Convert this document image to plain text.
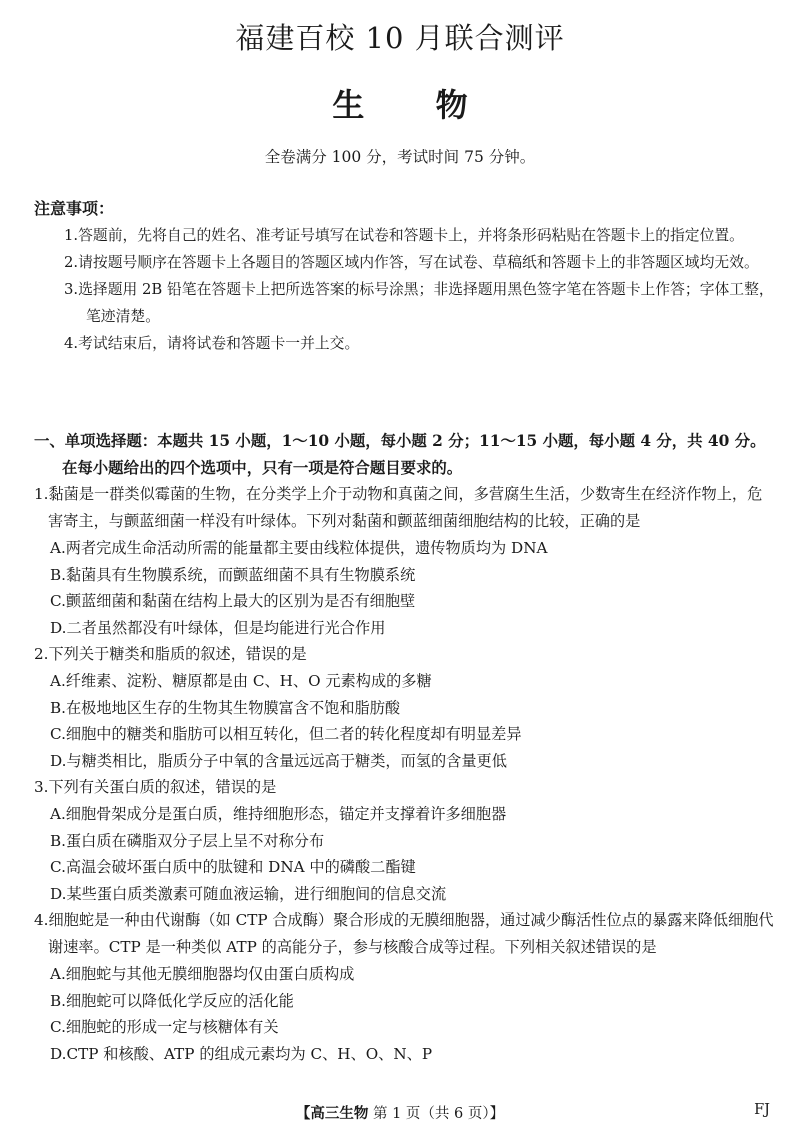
福建百校 10 月联合测评
生 物
全卷满分 100 分，考试时间 75 分钟。
注意事项：
1.答题前，先将自己的姓名、准考证号填写在试卷和答题卡上，并将条形码粘贴在答题卡上的指定位置。
2.请按题号顺序在答题卡上各题目的答题区域内作答，写在试卷、草稿纸和答题卡上的非答题区域均无效。
3.选择题用 2B 铅笔在答题卡上把所选答案的标号涂黑；非选择题用黑色签字笔在答题卡上作答；字体工整，笔迹清楚。
4.考试结束后，请将试卷和答题卡一并上交。
一、单项选择题：本题共 15 小题，1～10 小题，每小题 2 分；11～15 小题，每小题 4 分，共 40 分。
在每小题给出的四个选项中，只有一项是符合题目要求的。
1.黏菌是一群类似霉菌的生物，在分类学上介于动物和真菌之间，多营腐生生活，少数寄生在经济作物上，危害寄主，与颤蓝细菌一样没有叶绿体。下列对黏菌和颤蓝细菌细胞结构的比较，正确的是
A.两者完成生命活动所需的能量都主要由线粒体提供，遗传物质均为 DNA
B.黏菌具有生物膜系统，而颤蓝细菌不具有生物膜系统
C.颤蓝细菌和黏菌在结构上最大的区别为是否有细胞壁
D.二者虽然都没有叶绿体，但是均能进行光合作用
2.下列关于糖类和脂质的叙述，错误的是
A.纤维素、淀粉、糖原都是由 C、H、O 元素构成的多糖
B.在极地地区生存的生物其生物膜富含不饱和脂肪酸
C.细胞中的糖类和脂肪可以相互转化，但二者的转化程度却有明显差异
D.与糖类相比，脂质分子中氧的含量远远高于糖类，而氢的含量更低
3.下列有关蛋白质的叙述，错误的是
A.细胞骨架成分是蛋白质，维持细胞形态，锚定并支撑着许多细胞器
B.蛋白质在磷脂双分子层上呈不对称分布
C.高温会破坏蛋白质中的肽键和 DNA 中的磷酸二酯键
D.某些蛋白质类激素可随血液运输，进行细胞间的信息交流
4.细胞蛇是一种由代谢酶（如 CTP 合成酶）聚合形成的无膜细胞器，通过减少酶活性位点的暴露来降低细胞代谢速率。CTP 是一种类似 ATP 的高能分子，参与核酸合成等过程。下列相关叙述错误的是
A.细胞蛇与其他无膜细胞器均仅由蛋白质构成
B.细胞蛇可以降低化学反应的活化能
C.细胞蛇的形成一定与核糖体有关
D.CTP 和核酸、ATP 的组成元素均为 C、H、O、N、P
【高三生物 第 1 页（共 6 页）】	FJ
